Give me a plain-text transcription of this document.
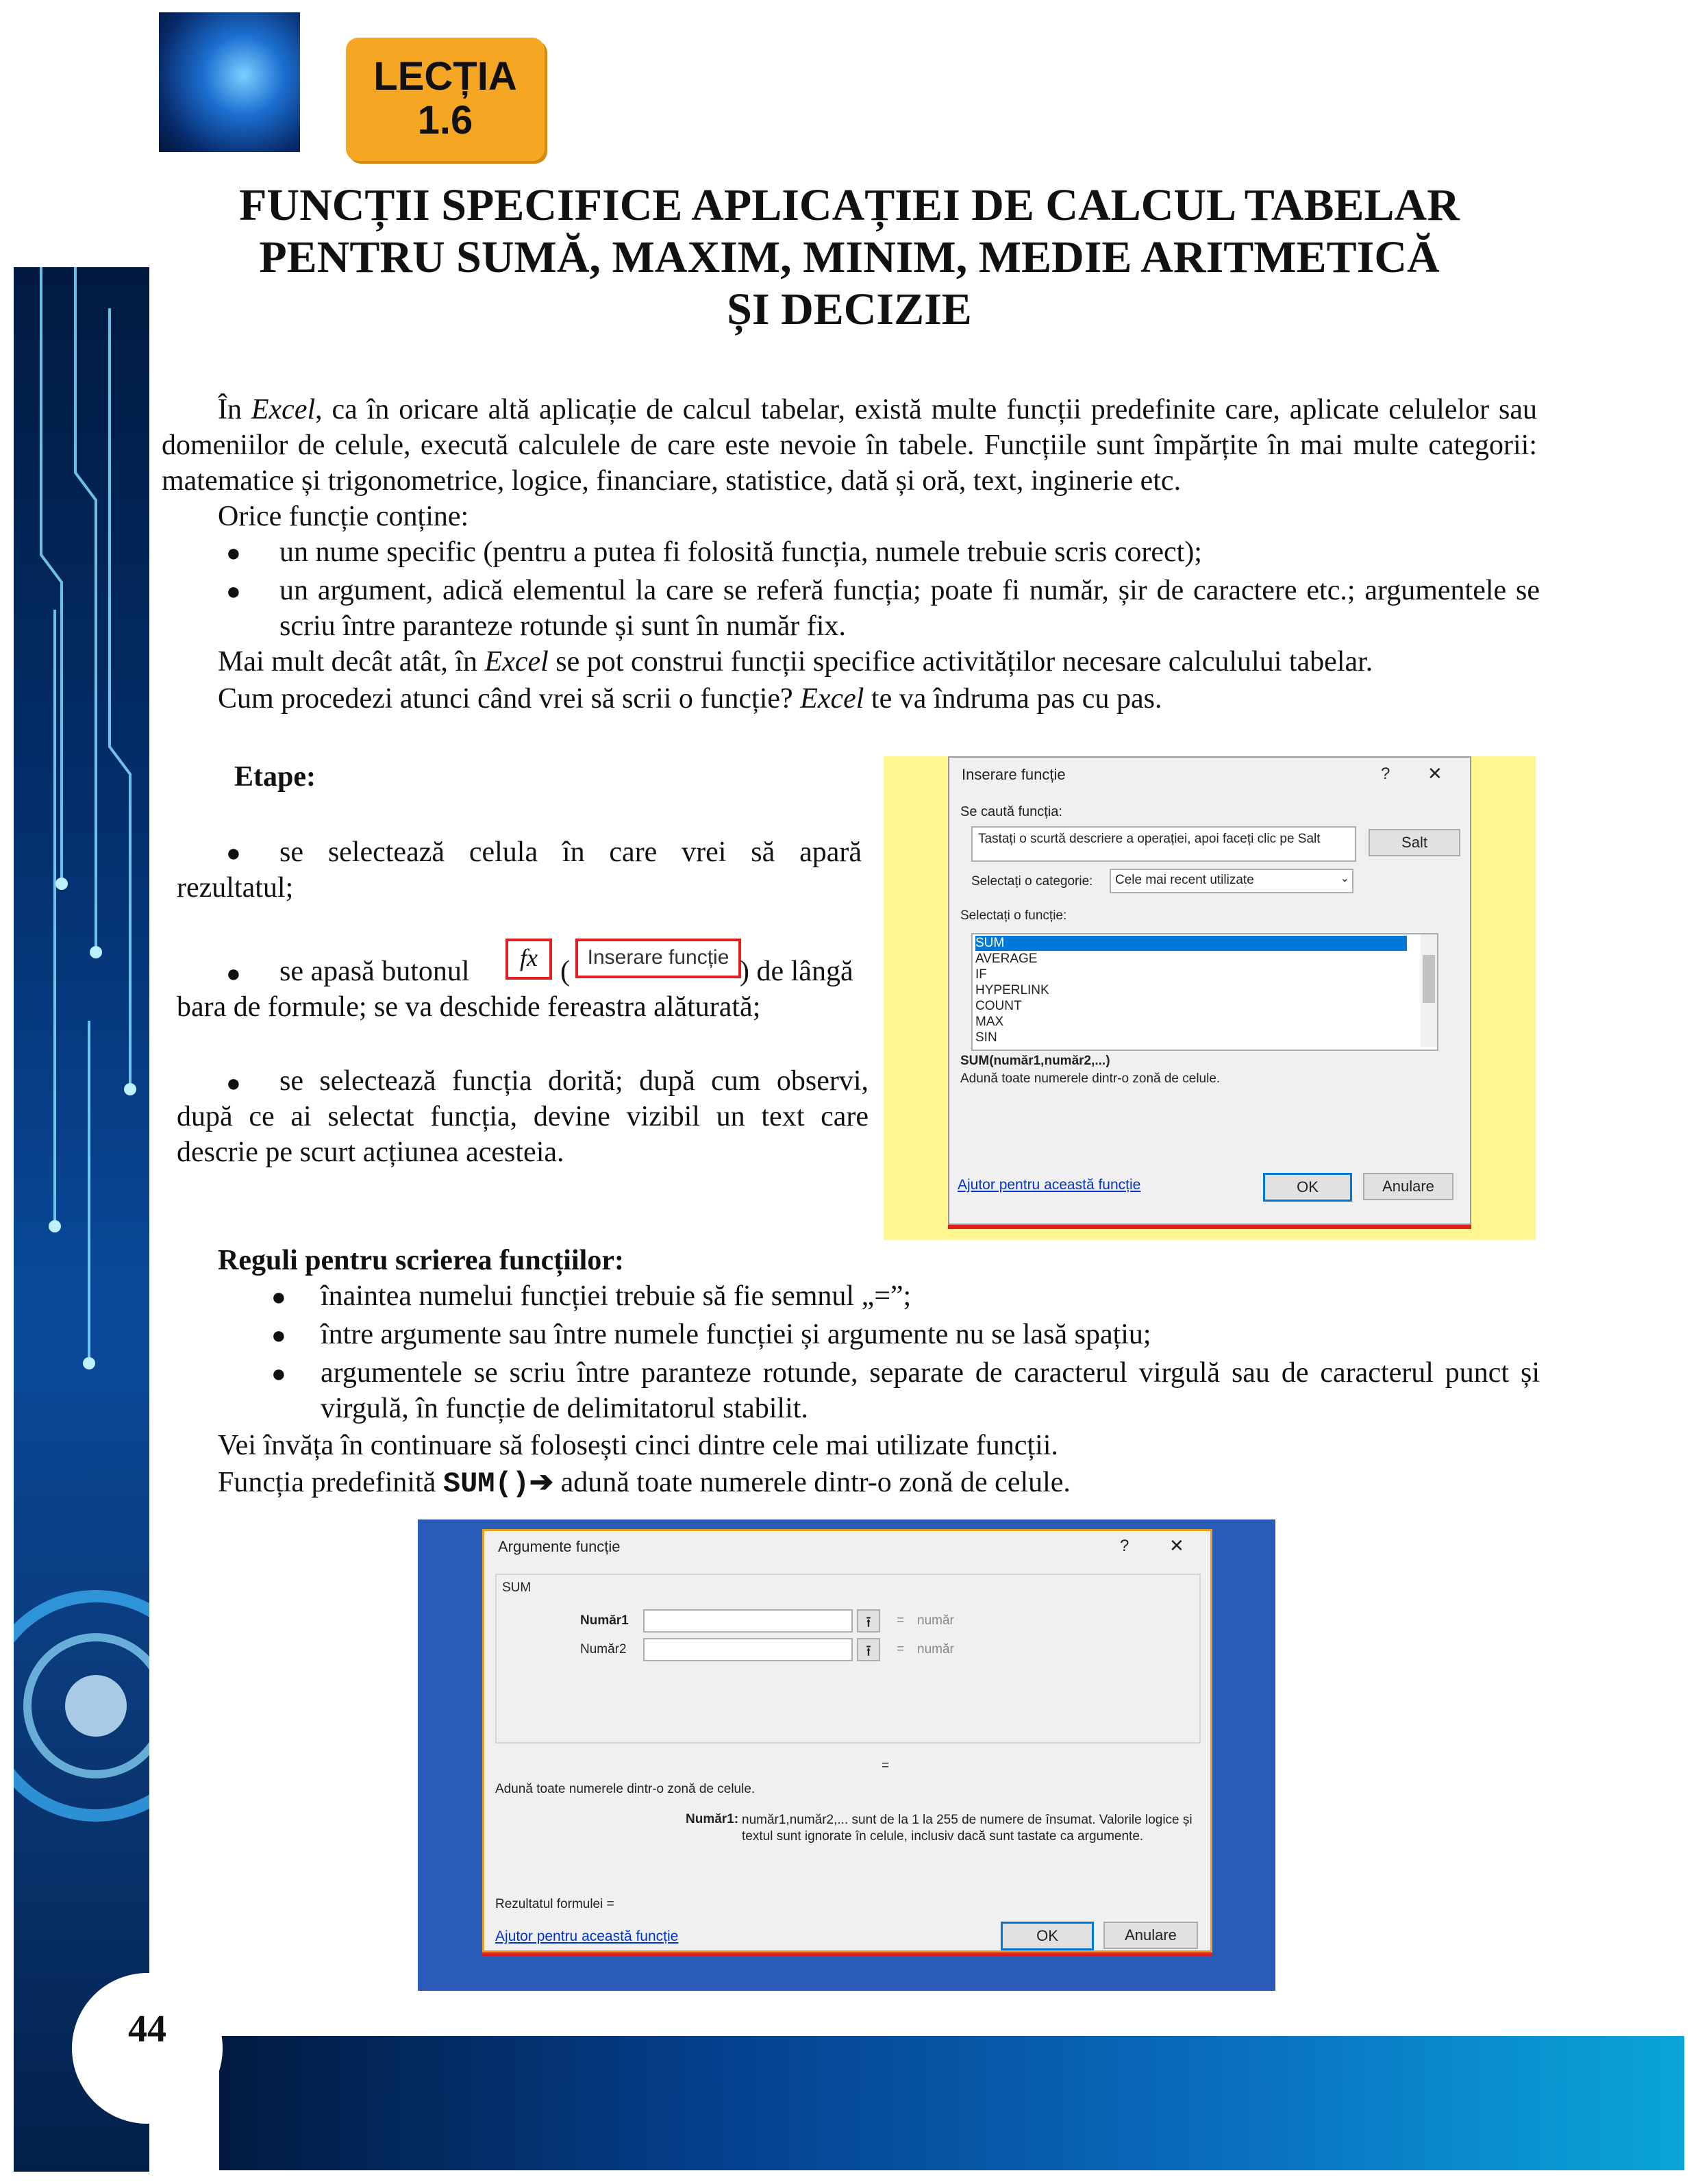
44
LECȚIA
1.6
FUNCȚII SPECIFICE APLICAȚIEI DE CALCUL TABELAR
PENTRU SUMĂ, MAXIM, MINIM, MEDIE ARITMETICĂ
ȘI DECIZIE
În Excel, ca în oricare altă aplicație de calcul tabelar, există multe funcții predefinite care, aplicate celulelor sau domeniilor de celule, execută calculele de care este nevoie în tabele. Funcțiile sunt împărțite în mai multe categorii: matematice și trigonometrice, logice, financiare, statistice, dată și oră, text, inginerie etc.
Orice funcție conține:
● un nume specific (pentru a putea fi folosită funcția, numele trebuie scris corect);
● un argument, adică elementul la care se referă funcția; poate fi număr, șir de caractere etc.; argumentele se scriu între paranteze rotunde și sunt în număr fix.
Mai mult decât atât, în Excel se pot construi funcții specifice activităților necesare calculului tabelar.
Cum procedezi atunci când vrei să scrii o funcție? Excel te va îndruma pas cu pas.
Etape:
●	se selectează celula în care vrei să apară rezultatul;
● se apasă butonul	fx ( Inserare funcție ) de lângă
bara de formule; se va deschide fereastra alăturată;
●	se selectează funcția dorită; după cum observi, după ce ai selectat funcția, devine vizibil un text care descrie pe scurt acțiunea acesteia.
Inserare funcție	? ✕
Se caută funcția:
Tastați o scurtă descriere a operației, apoi faceți clic pe Salt	Salt
Selectați o categorie:	Cele mai recent utilizate	⌄
Selectați o funcție:
SUM
AVERAGE
IF
HYPERLINK
COUNT
MAX
SIN
SUM(număr1,număr2,...)
Adună toate numerele dintr-o zonă de celule.
Ajutor pentru această funcție	OK	Anulare
Reguli pentru scrierea funcțiilor:
● înaintea numelui funcției trebuie să fie semnul „=”;
● între argumente sau între numele funcției și argumente nu se lasă spațiu;
● argumentele se scriu între paranteze rotunde, separate de caracterul virgulă sau de caracterul punct și virgulă, în funcție de delimitatorul stabilit.
Vei învăța în continuare să folosești cinci dintre cele mai utilizate funcții.
Funcția predefinită SUM()➔ adună toate numerele dintr-o zonă de celule.
Argumente funcție	? ✕
SUM
Număr1	⭱	= număr
Număr2	⭱	= număr
=
Adună toate numerele dintr-o zonă de celule.
Număr1: număr1,număr2,... sunt de la 1 la 255 de numere de însumat. Valorile logice și textul sunt ignorate în celule, inclusiv dacă sunt tastate ca argumente.
Rezultatul formulei =
Ajutor pentru această funcție	OK	Anulare
